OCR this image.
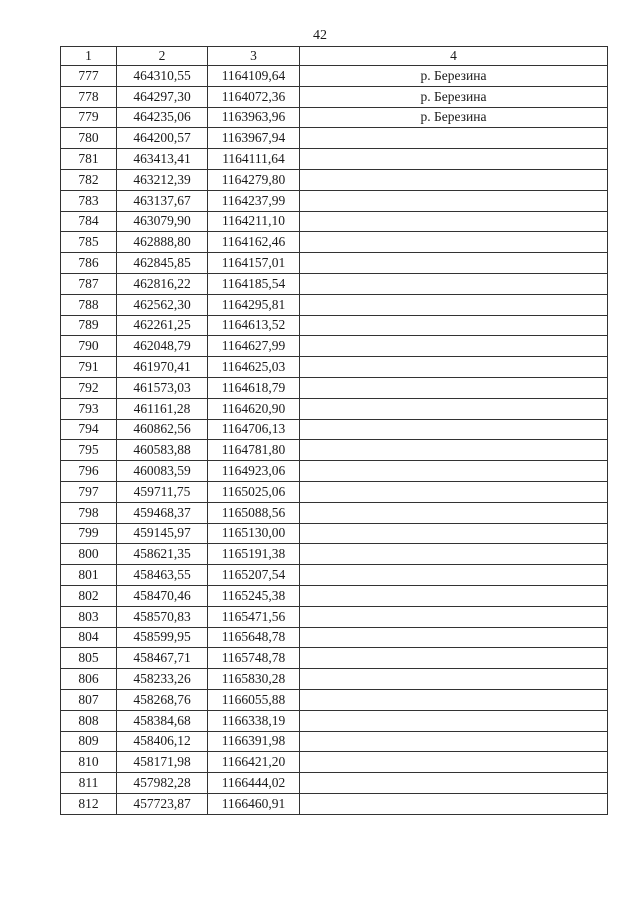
42
1	2	3	4
777	464310,55	1164109,64	р. Березина
778	464297,30	1164072,36	р. Березина
779	464235,06	1163963,96	р. Березина
780	464200,57	1163967,94	
781	463413,41	1164111,64	
782	463212,39	1164279,80	
783	463137,67	1164237,99	
784	463079,90	1164211,10	
785	462888,80	1164162,46	
786	462845,85	1164157,01	
787	462816,22	1164185,54	
788	462562,30	1164295,81	
789	462261,25	1164613,52	
790	462048,79	1164627,99	
791	461970,41	1164625,03	
792	461573,03	1164618,79	
793	461161,28	1164620,90	
794	460862,56	1164706,13	
795	460583,88	1164781,80	
796	460083,59	1164923,06	
797	459711,75	1165025,06	
798	459468,37	1165088,56	
799	459145,97	1165130,00	
800	458621,35	1165191,38	
801	458463,55	1165207,54	
802	458470,46	1165245,38	
803	458570,83	1165471,56	
804	458599,95	1165648,78	
805	458467,71	1165748,78	
806	458233,26	1165830,28	
807	458268,76	1166055,88	
808	458384,68	1166338,19	
809	458406,12	1166391,98	
810	458171,98	1166421,20	
811	457982,28	1166444,02	
812	457723,87	1166460,91	
